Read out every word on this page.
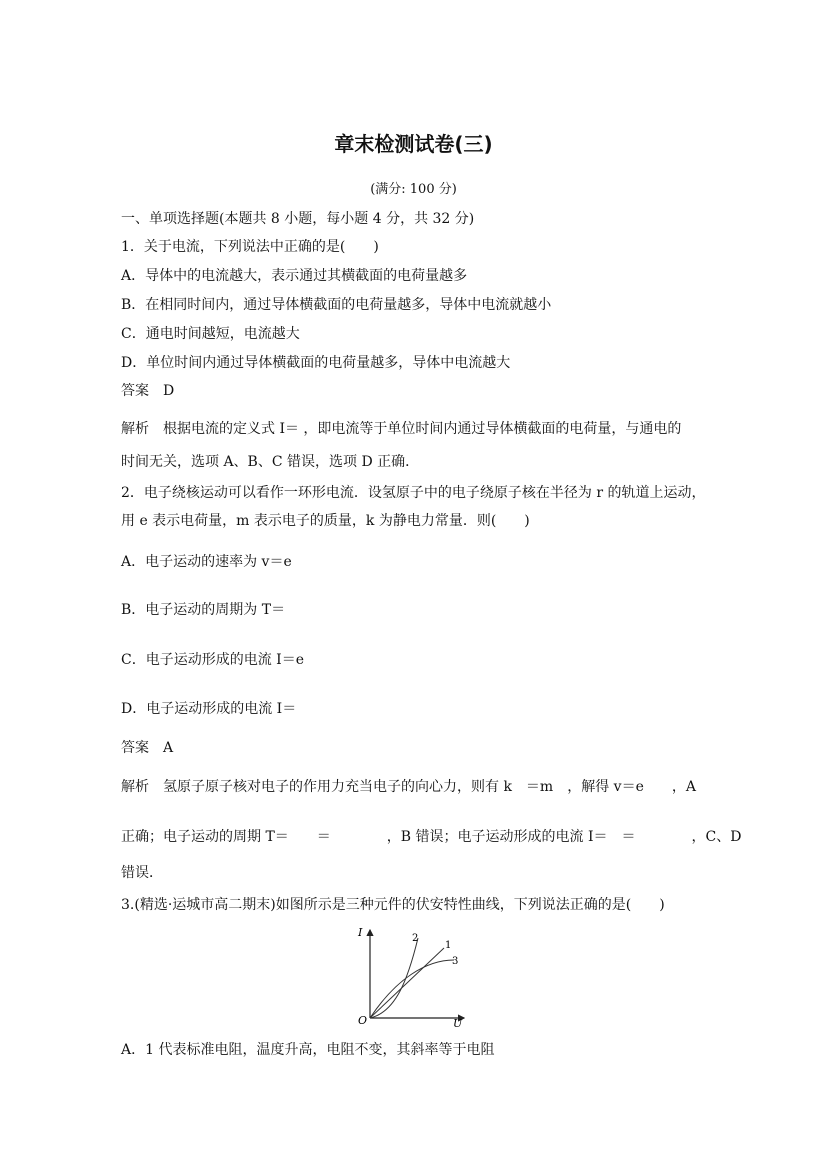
章末检测试卷(三)
(满分: 100 分)
一、单项选择题(本题共 8 小题，每小题 4 分，共 32 分)
1．关于电流，下列说法中正确的是(　　)
A．导体中的电流越大，表示通过其横截面的电荷量越多
B．在相同时间内，通过导体横截面的电荷量越多，导体中电流就越小
C．通电时间越短，电流越大
D．单位时间内通过导体横截面的电荷量越多，导体中电流越大
答案 D
解析 根据电流的定义式 I＝ ，即电流等于单位时间内通过导体横截面的电荷量，与通电的
时间无关，选项 A、B、C 错误，选项 D 正确．
2．电子绕核运动可以看作一环形电流．设氢原子中的电子绕原子核在半径为 r 的轨道上运动，
用 e 表示电荷量，m 表示电子的质量，k 为静电力常量．则(　　)
A．电子运动的速率为 v＝e
B．电子运动的周期为 T＝
C．电子运动形成的电流 I＝e
D．电子运动形成的电流 I＝
答案 A
解析 氢原子原子核对电子的作用力充当电子的向心力，则有 k　＝m　，解得 v＝e　　，A
正确；电子运动的周期 T＝　　＝　　　　，B 错误；电子运动形成的电流 I＝　＝　　　　，C、D
错误．
3.(精选·运城市高二期末)如图所示是三种元件的伏安特性曲线，下列说法正确的是(　　)
I
U
O
2
1
3
A．1 代表标准电阻，温度升高，电阻不变，其斜率等于电阻
